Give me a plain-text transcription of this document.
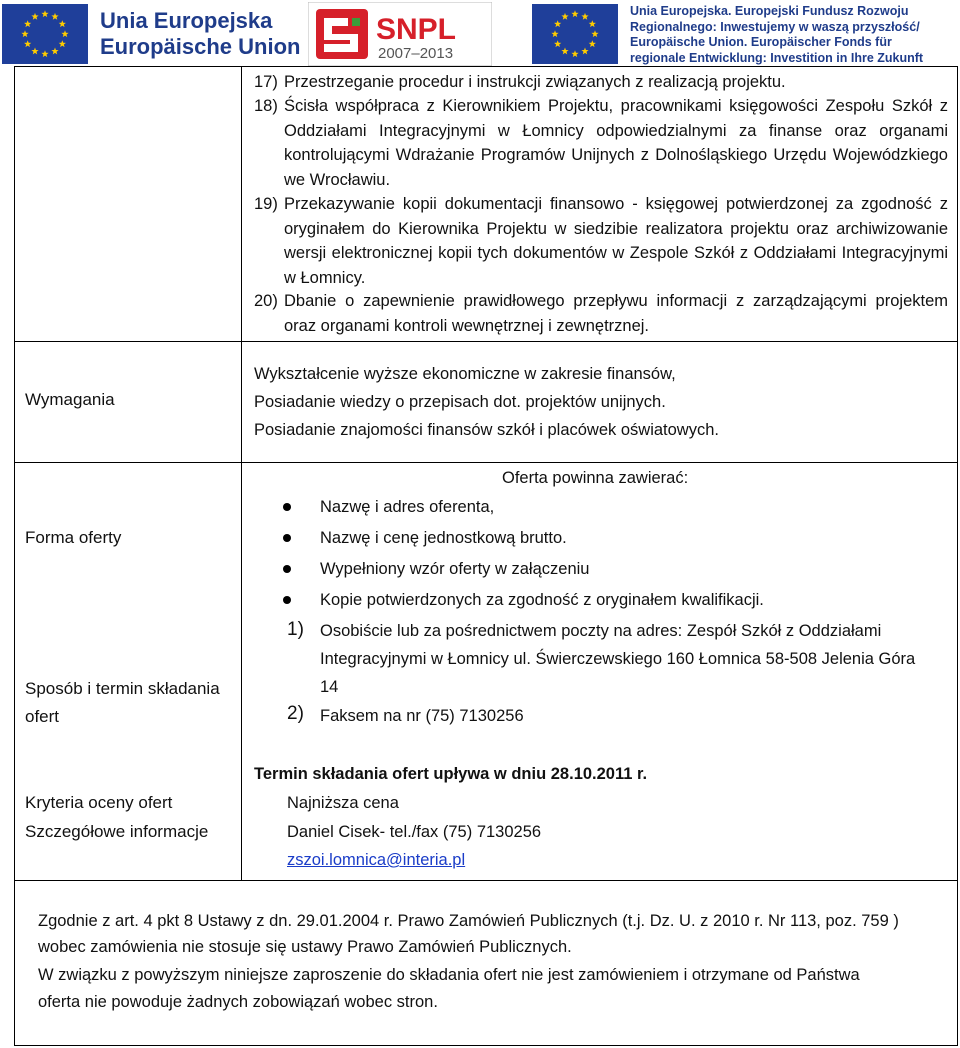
Unia Europejska
Europäische Union
SNPL
2007–2013
Unia Europejska. Europejski Fundusz Rozwoju
Regionalnego: Inwestujemy w waszą przyszłość/
Europäische Union. Europäischer Fonds für
regionale Entwicklung: Investition in Ihre Zukunft
17) Przestrzeganie procedur i instrukcji związanych z realizacją projektu.
18) Ścisła współpraca z Kierownikiem Projektu, pracownikami księgowości Zespołu Szkół z Oddziałami Integracyjnymi w Łomnicy odpowiedzialnymi za finanse oraz organami kontrolującymi Wdrażanie Programów Unijnych z Dolnośląskiego Urzędu Wojewódzkiego we Wrocławiu.
19) Przekazywanie kopii dokumentacji finansowo - księgowej potwierdzonej za zgodność z oryginałem do Kierownika Projektu w siedzibie realizatora projektu oraz archiwizowanie wersji elektronicznej kopii tych dokumentów w Zespole Szkół z Oddziałami Integracyjnymi w Łomnicy.
20) Dbanie o zapewnienie prawidłowego przepływu informacji z zarządzającymi projektem oraz organami kontroli wewnętrznej i zewnętrznej.
Wymagania
Wykształcenie wyższe ekonomiczne w zakresie finansów,
Posiadanie wiedzy o przepisach dot. projektów unijnych.
Posiadanie znajomości finansów szkół i placówek oświatowych.
Forma oferty
Oferta powinna zawierać:
Nazwę i adres oferenta,
Nazwę i cenę jednostkową brutto.
Wypełniony wzór oferty w załączeniu
Kopie potwierdzonych za zgodność z oryginałem kwalifikacji.
Sposób i termin składania
ofert
1) Osobiście lub za pośrednictwem poczty na adres: Zespół Szkół z Oddziałami
Integracyjnymi w Łomnicy ul. Świerczewskiego 160 Łomnica 58-508 Jelenia Góra
14
2) Faksem na nr (75) 7130256
Termin składania ofert upływa w dniu 28.10.2011 r.
Kryteria oceny ofert	Najniższa cena
Szczegółowe informacje	Daniel Cisek- tel./fax (75) 7130256
zszoi.lomnica@interia.pl
Zgodnie z art. 4 pkt 8 Ustawy z dn. 29.01.2004 r. Prawo Zamówień Publicznych (t.j. Dz. U. z 2010 r. Nr 113, poz. 759 )
wobec zamówienia nie stosuje się ustawy Prawo Zamówień Publicznych.
W związku z powyższym niniejsze zaproszenie do składania ofert nie jest zamówieniem i otrzymane od Państwa
oferta nie powoduje żadnych zobowiązań wobec stron.
